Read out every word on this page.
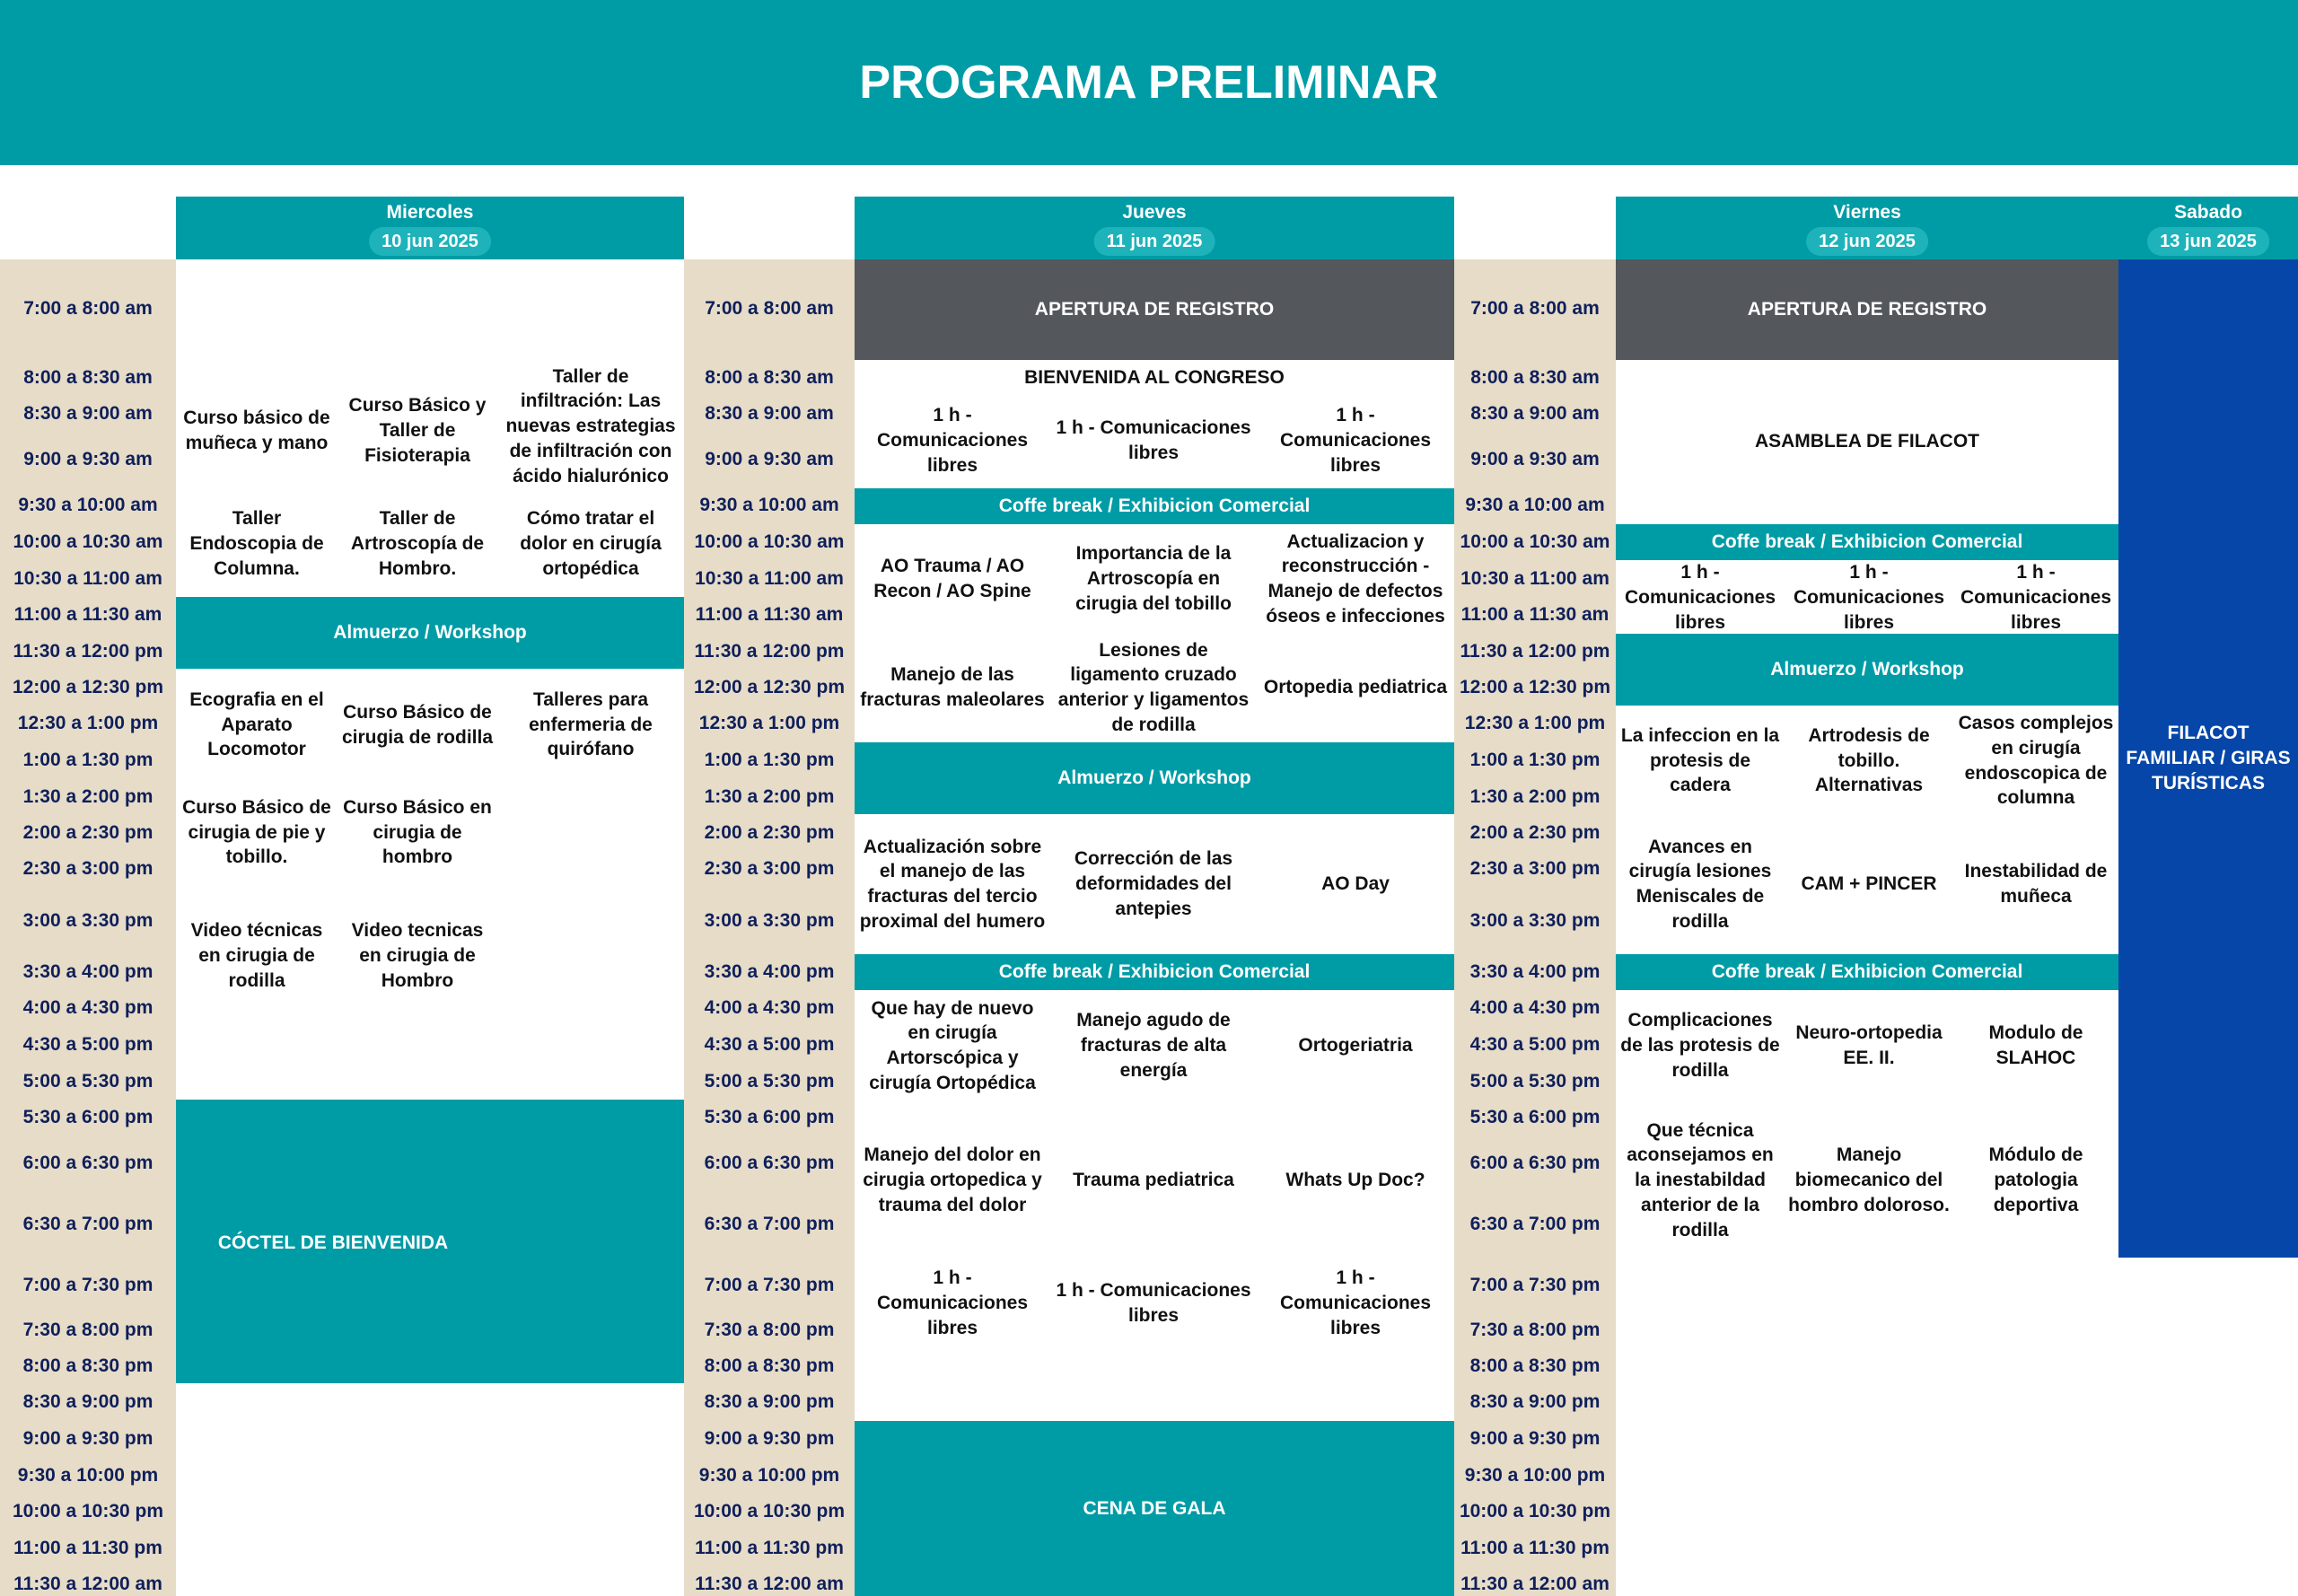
PROGRAMA PRELIMINAR
Miercoles
10 jun 2025
Jueves
11 jun 2025
Viernes
12 jun 2025
Sabado
13 jun 2025
7:00 a 8:00 am
8:00 a 8:30 am
8:30 a 9:00 am
9:00 a 9:30 am
9:30 a 10:00 am
10:00 a 10:30 am
10:30 a 11:00 am
11:00 a 11:30 am
11:30 a 12:00 pm
12:00 a 12:30 pm
12:30 a 1:00 pm
1:00 a 1:30 pm
1:30 a 2:00 pm
2:00 a 2:30 pm
2:30 a 3:00 pm
3:00 a 3:30 pm
3:30 a 4:00 pm
4:00 a 4:30 pm
4:30 a 5:00 pm
5:00 a 5:30 pm
5:30 a 6:00 pm
6:00 a 6:30 pm
6:30 a 7:00 pm
7:00 a 7:30 pm
7:30 a 8:00 pm
8:00 a 8:30 pm
8:30 a 9:00 pm
9:00 a 9:30 pm
9:30 a 10:00 pm
10:00 a 10:30 pm
11:00 a 11:30 pm
11:30 a 12:00 am
7:00 a 8:00 am
8:00 a 8:30 am
8:30 a 9:00 am
9:00 a 9:30 am
9:30 a 10:00 am
10:00 a 10:30 am
10:30 a 11:00 am
11:00 a 11:30 am
11:30 a 12:00 pm
12:00 a 12:30 pm
12:30 a 1:00 pm
1:00 a 1:30 pm
1:30 a 2:00 pm
2:00 a 2:30 pm
2:30 a 3:00 pm
3:00 a 3:30 pm
3:30 a 4:00 pm
4:00 a 4:30 pm
4:30 a 5:00 pm
5:00 a 5:30 pm
5:30 a 6:00 pm
6:00 a 6:30 pm
6:30 a 7:00 pm
7:00 a 7:30 pm
7:30 a 8:00 pm
8:00 a 8:30 pm
8:30 a 9:00 pm
9:00 a 9:30 pm
9:30 a 10:00 pm
10:00 a 10:30 pm
11:00 a 11:30 pm
11:30 a 12:00 am
7:00 a 8:00 am
8:00 a 8:30 am
8:30 a 9:00 am
9:00 a 9:30 am
9:30 a 10:00 am
10:00 a 10:30 am
10:30 a 11:00 am
11:00 a 11:30 am
11:30 a 12:00 pm
12:00 a 12:30 pm
12:30 a 1:00 pm
1:00 a 1:30 pm
1:30 a 2:00 pm
2:00 a 2:30 pm
2:30 a 3:00 pm
3:00 a 3:30 pm
3:30 a 4:00 pm
4:00 a 4:30 pm
4:30 a 5:00 pm
5:00 a 5:30 pm
5:30 a 6:00 pm
6:00 a 6:30 pm
6:30 a 7:00 pm
7:00 a 7:30 pm
7:30 a 8:00 pm
8:00 a 8:30 pm
8:30 a 9:00 pm
9:00 a 9:30 pm
9:30 a 10:00 pm
10:00 a 10:30 pm
11:00 a 11:30 pm
11:30 a 12:00 am
Curso básico de muñeca y mano
Curso Básico y Taller de Fisioterapia
Taller de infiltración: Las nuevas estrategias de infiltración con ácido hialurónico
Taller Endoscopia de Columna.
Taller de Artroscopía de Hombro.
Cómo tratar el dolor en cirugía ortopédica
Almuerzo / Workshop
Ecografia en el Aparato Locomotor
Curso Básico de cirugia de rodilla
Talleres para enfermeria de quirófano
Curso Básico de cirugia de pie y tobillo.
Curso Básico en cirugia de hombro
Video técnicas en cirugia de rodilla
Video tecnicas en cirugia de Hombro
CÓCTEL DE BIENVENIDA
APERTURA DE REGISTRO
BIENVENIDA AL CONGRESO
1 h - Comunicaciones libres
1 h - Comunicaciones libres
1 h - Comunicaciones libres
Coffe break / Exhibicion Comercial
AO Trauma / AO Recon / AO Spine
Importancia de la Artroscopía en cirugia del tobillo
Actualizacion y reconstrucción - Manejo de defectos óseos e infecciones
Manejo de las fracturas maleolares
Lesiones de ligamento cruzado anterior y ligamentos de rodilla
Ortopedia pediatrica
Almuerzo / Workshop
Actualización sobre el manejo de las fracturas del tercio proximal del humero
Corrección de las deformidades del antepies
AO Day
Coffe break / Exhibicion Comercial
Que hay de nuevo en cirugía Artorscópica y cirugía Ortopédica
Manejo agudo de fracturas de alta energía
Ortogeriatria
Manejo del dolor en cirugia ortopedica y trauma del dolor
Trauma pediatrica	Whats Up Doc?
1 h - Comunicaciones libres
1 h - Comunicaciones libres
1 h - Comunicaciones libres
CENA DE GALA
APERTURA DE REGISTRO
ASAMBLEA DE FILACOT
Coffe break / Exhibicion Comercial
1 h - Comunicaciones libres
1 h - Comunicaciones libres
1 h - Comunicaciones libres
Almuerzo / Workshop
La infeccion en la protesis de cadera
Artrodesis de tobillo. Alternativas
Casos complejos en cirugía endoscopica de columna
Avances en cirugía lesiones Meniscales de rodilla
CAM + PINCER
Inestabilidad de muñeca
Coffe break / Exhibicion Comercial
Complicaciones de las protesis de rodilla
Neuro-ortopedia EE. II.
Modulo de SLAHOC
Que técnica aconsejamos en la inestabildad anterior de la rodilla
Manejo biomecanico del hombro doloroso.
Módulo de patologia deportiva
FILACOT FAMILIAR / GIRAS TURÍSTICAS
